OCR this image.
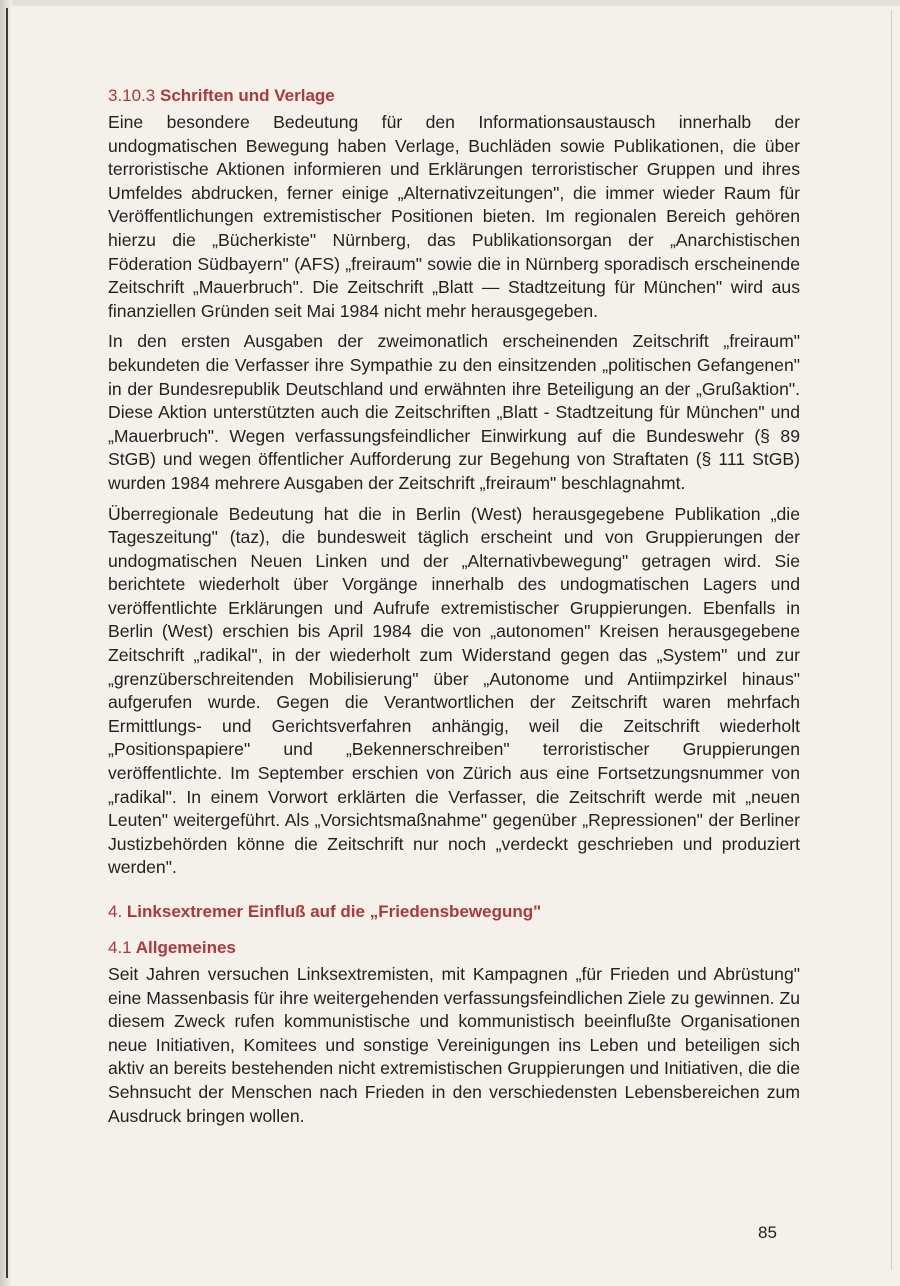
3.10.3 Schriften und Verlage

Eine besondere Bedeutung für den Informationsaustausch innerhalb der undogmatischen Bewegung haben Verlage, Buchläden sowie Publikationen, die über terroristische Aktionen informieren und Erklärungen terroristischer Gruppen und ihres Umfeldes abdrucken, ferner einige „Alternativzeitungen", die immer wieder Raum für Veröffentlichungen extremistischer Positionen bieten. Im regionalen Bereich gehören hierzu die „Bücherkiste" Nürnberg, das Publikationsorgan der „Anarchistischen Föderation Südbayern" (AFS) „freiraum" sowie die in Nürnberg sporadisch erscheinende Zeitschrift „Mauerbruch". Die Zeitschrift „Blatt — Stadtzeitung für München" wird aus finanziellen Gründen seit Mai 1984 nicht mehr herausgegeben.

In den ersten Ausgaben der zweimonatlich erscheinenden Zeitschrift „freiraum" bekundeten die Verfasser ihre Sympathie zu den einsitzenden „politischen Gefangenen" in der Bundesrepublik Deutschland und erwähnten ihre Beteiligung an der „Grußaktion". Diese Aktion unterstützten auch die Zeitschriften „Blatt - Stadtzeitung für München" und „Mauerbruch". Wegen verfassungsfeindlicher Einwirkung auf die Bundeswehr (§ 89 StGB) und wegen öffentlicher Aufforderung zur Begehung von Straftaten (§ 111 StGB) wurden 1984 mehrere Ausgaben der Zeitschrift „freiraum" beschlagnahmt.

Überregionale Bedeutung hat die in Berlin (West) herausgegebene Publikation „die Tageszeitung" (taz), die bundesweit täglich erscheint und von Gruppierungen der undogmatischen Neuen Linken und der „Alternativbewegung" getragen wird. Sie berichtete wiederholt über Vorgänge innerhalb des undogmatischen Lagers und veröffentlichte Erklärungen und Aufrufe extremistischer Gruppierungen. Ebenfalls in Berlin (West) erschien bis April 1984 die von „autonomen" Kreisen herausgegebene Zeitschrift „radikal", in der wiederholt zum Widerstand gegen das „System" und zur „grenzüberschreitenden Mobilisierung" über „Autonome und Antiimpzirkel hinaus" aufgerufen wurde. Gegen die Verantwortlichen der Zeitschrift waren mehrfach Ermittlungs- und Gerichtsverfahren anhängig, weil die Zeitschrift wiederholt „Positionspapiere" und „Bekennerschreiben" terroristischer Gruppierungen veröffentlichte. Im September erschien von Zürich aus eine Fortsetzungsnummer von „radikal". In einem Vorwort erklärten die Verfasser, die Zeitschrift werde mit „neuen Leuten" weitergeführt. Als „Vorsichtsmaßnahme" gegenüber „Repressionen" der Berliner Justizbehörden könne die Zeitschrift nur noch „verdeckt geschrieben und produziert werden".

4. Linksextremer Einfluß auf die „Friedensbewegung"
4.1 Allgemeines

Seit Jahren versuchen Linksextremisten, mit Kampagnen „für Frieden und Abrüstung" eine Massenbasis für ihre weitergehenden verfassungsfeindlichen Ziele zu gewinnen. Zu diesem Zweck rufen kommunistische und kommunistisch beeinflußte Organisationen neue Initiativen, Komitees und sonstige Vereinigungen ins Leben und beteiligen sich aktiv an bereits bestehenden nicht extremistischen Gruppierungen und Initiativen, die die Sehnsucht der Menschen nach Frieden in den verschiedensten Lebensbereichen zum Ausdruck bringen wollen.

85
